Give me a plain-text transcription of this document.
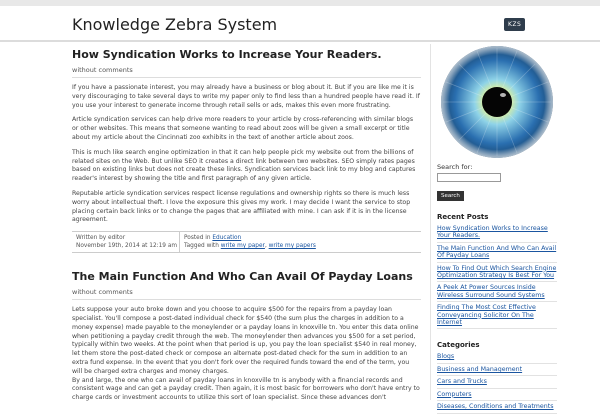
Knowledge Zebra System	KZS
How Syndication Works to Increase Your Readers.
without comments
If you have a passionate interest, you may already have a business or blog about it. But if you are like me it is very discouraging to take several days to write my paper only to find less than a hundred people have read it. If you use your interest to generate income through retail sells or ads, makes this even more frustrating.
Article syndication services can help drive more readers to your article by cross-referencing with similar blogs or other websites. This means that someone wanting to read about zoos will be given a small excerpt or title about my article about the Cincinnati zoo exhibits in the text of another article about zoos.
This is much like search engine optimization in that it can help people pick my website out from the billions of related sites on the Web. But unlike SEO it creates a direct link between two websites. SEO simply rates pages based on existing links but does not create these links. Syndication services back link to my blog and captures reader's interest by showing the title and first paragraph of any given article.
Reputable article syndication services respect license regulations and ownership rights so there is much less worry about intellectual theft. I love the exposure this gives my work. I may decide I want the service to stop placing certain back links or to change the pages that are affiliated with mine. I can ask if it is in the license agreement.
Written by editor
November 19th, 2014 at 12:19 am
Posted in Education
Tagged with write my paper, write my papers
The Main Function And Who Can Avail Of Payday Loans
without comments
Lets suppose your auto broke down and you choose to acquire $500 for the repairs from a payday loan specialist. You'll compose a post-dated individual check for $540 (the sum plus the charges in addition to a money expense) made payable to the moneylender or a payday loans in knoxville tn. You enter this data online when petitioning a payday credit through the web. The moneylender then advances you $500 for a set period, typically within two weeks. At the point when that period is up, you pay the loan specialist $540 in real money, let them store the post-dated check or compose an alternate post-dated check for the sum in addition to an extra fund expense. In the event that you don't fork over the required funds toward the end of the term, you will be charged extra charges and money charges.
By and large, the one who can avail of payday loans in knoxville tn is anybody with a financial records and consistent wage and can get a payday credit. Then again, it is most basic for borrowers who don't have entry to charge cards or investment accounts to utilize this sort of loan specialist. Since these advances don't
Search for:
Search
Recent Posts
How Syndication Works to Increase Your Readers.
The Main Function And Who Can Avail Of Payday Loans
How To Find Out Which Search Engine Optimization Strategy Is Best For You
A Peek At Power Sources Inside Wireless Surround Sound Systems
Finding The Most Cost Effective Conveyancing Solicitor On The Internet
Categories
Blogs
Business and Management
Cars and Trucks
Computers
Diseases, Conditions and Treatments
